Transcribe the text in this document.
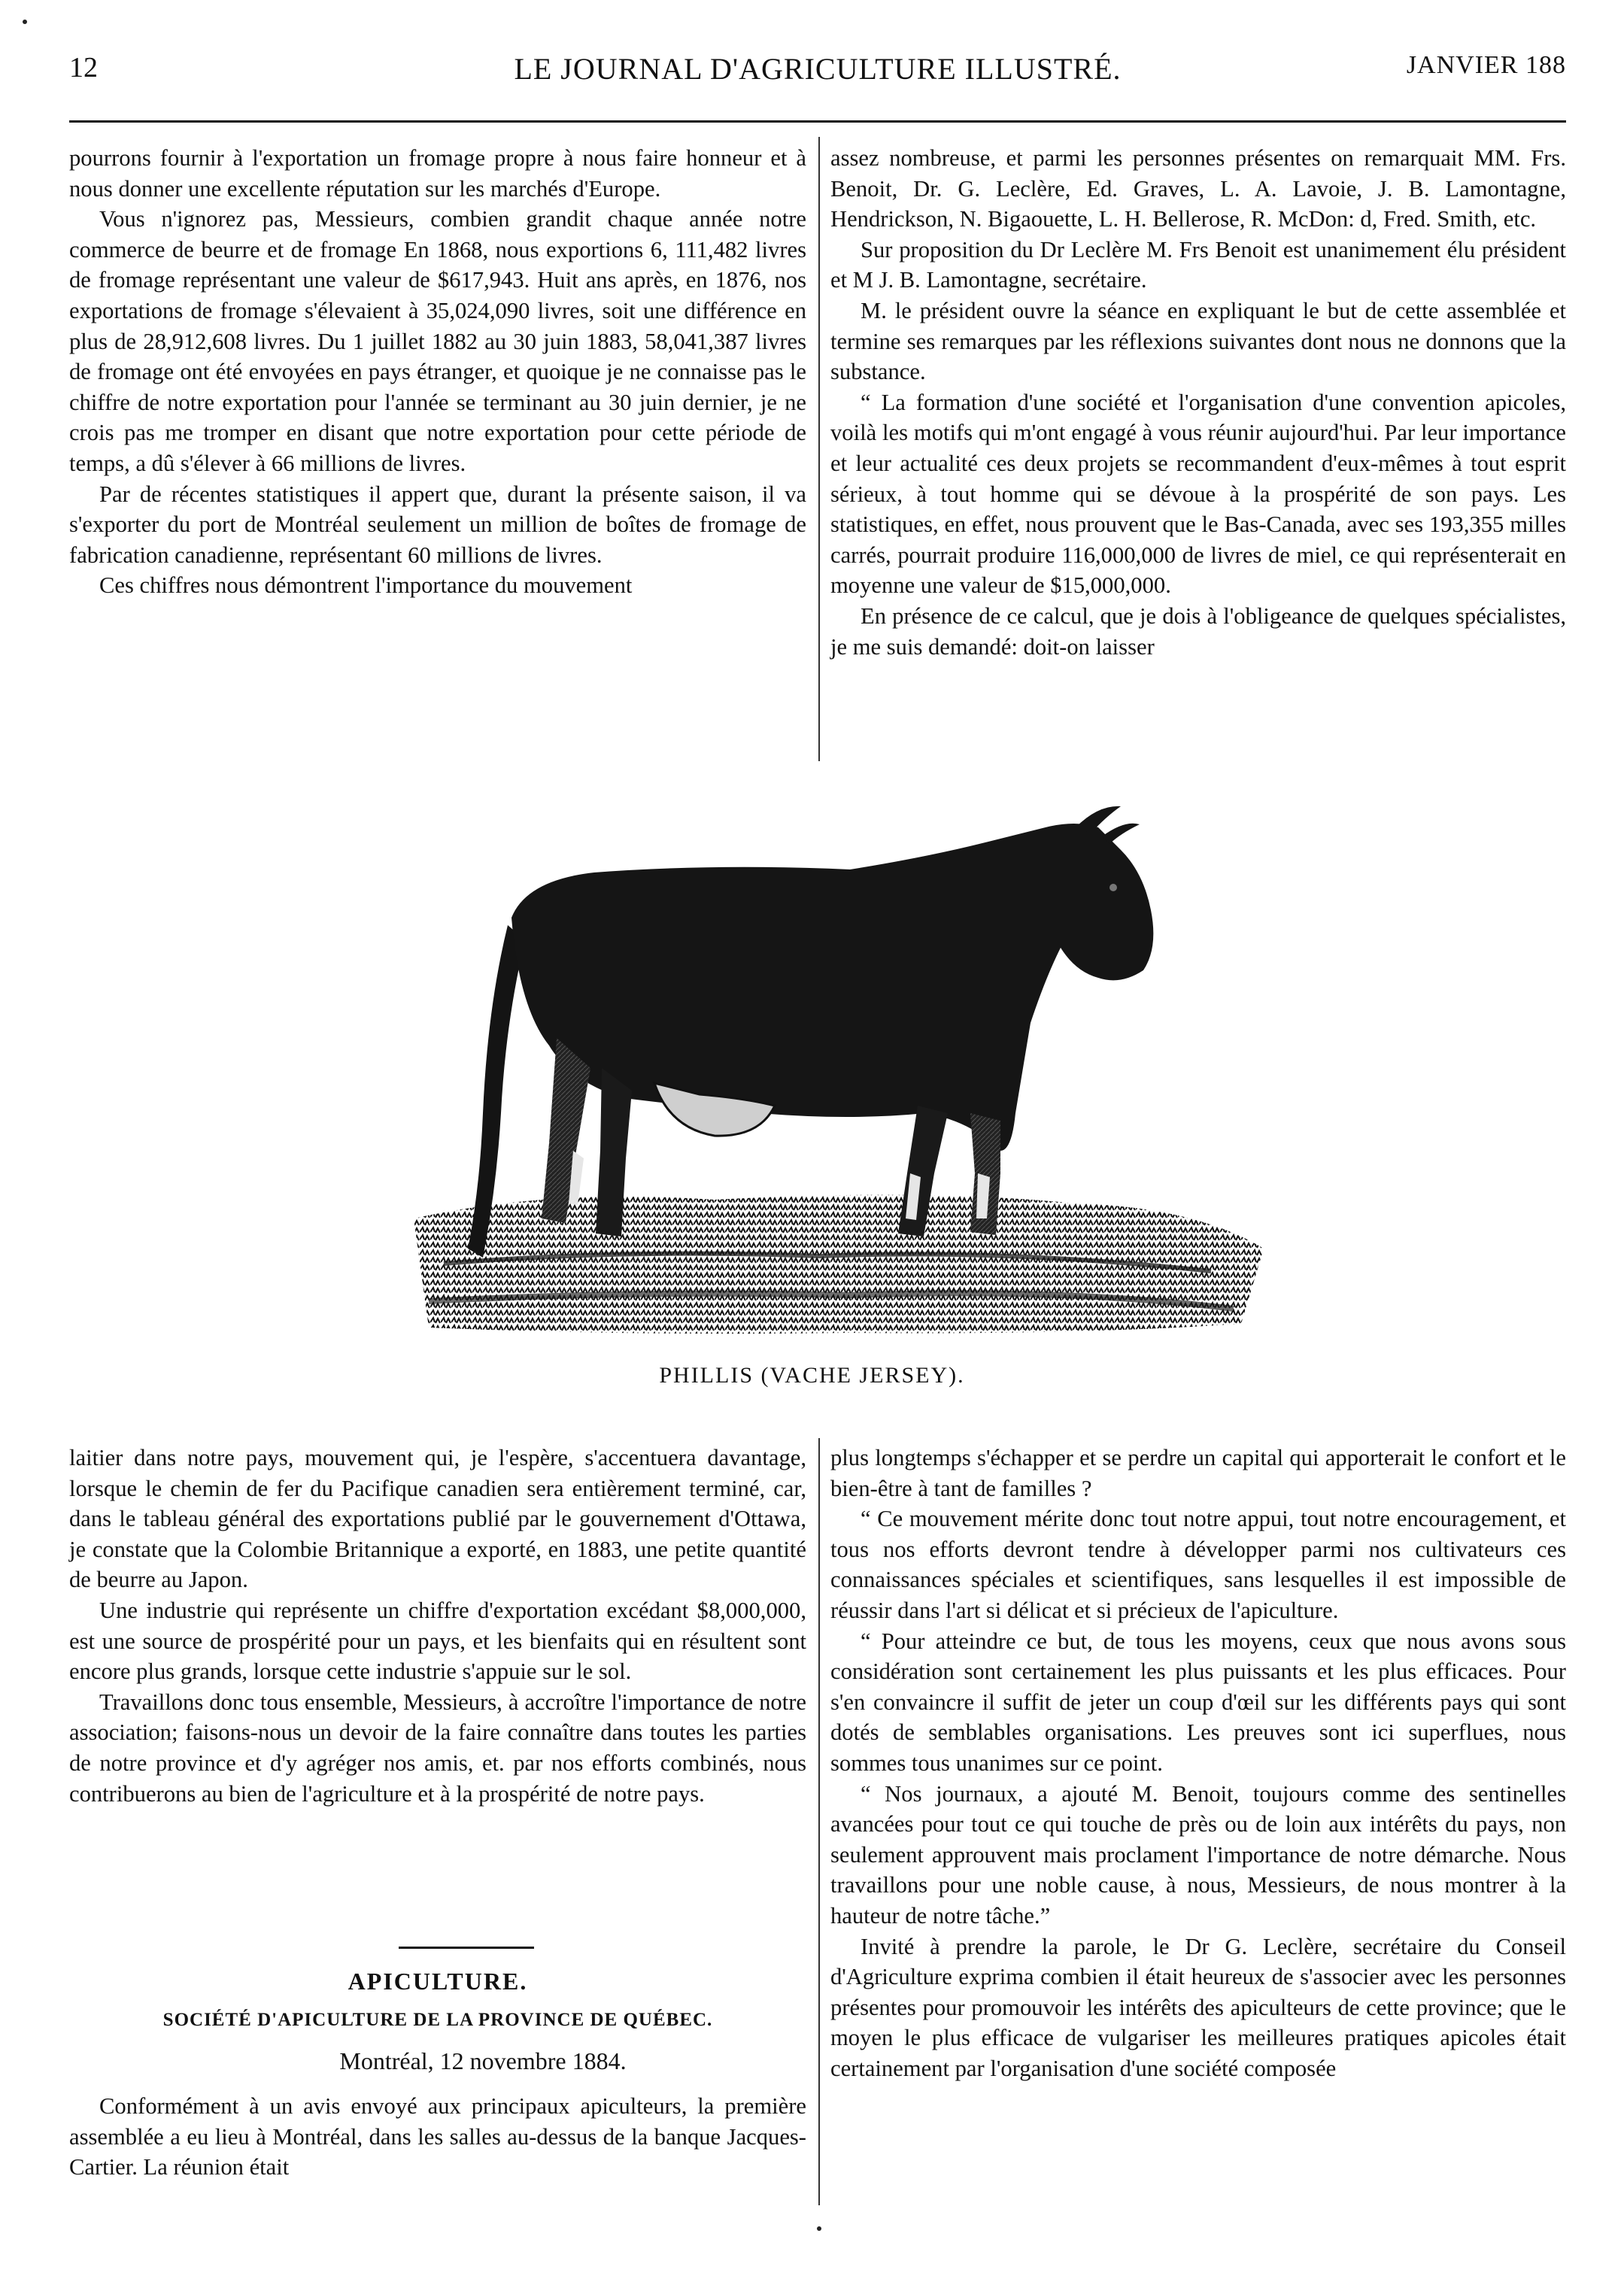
12	LE JOURNAL D'AGRICULTURE ILLUSTRÉ.	JANVIER 188

pourrons fournir à l'exportation un fromage propre à nous faire honneur et à nous donner une excellente réputation sur les marchés d'Europe.

Vous n'ignorez pas, Messieurs, combien grandit chaque année notre commerce de beurre et de fromage En 1868, nous exportions 6, 111,482 livres de fromage représentant une valeur de $617,943. Huit ans après, en 1876, nos exportations de fromage s'élevaient à 35,024,090 livres, soit une différence en plus de 28,912,608 livres. Du 1 juillet 1882 au 30 juin 1883, 58,041,387 livres de fromage ont été envoyées en pays étranger, et quoique je ne connaisse pas le chiffre de notre exportation pour l'année se terminant au 30 juin dernier, je ne crois pas me tromper en disant que notre exportation pour cette période de temps, a dû s'élever à 66 millions de livres.

Par de récentes statistiques il appert que, durant la présente saison, il va s'exporter du port de Montréal seulement un million de boîtes de fromage de fabrication canadienne, représentant 60 millions de livres.

Ces chiffres nous démontrent l'importance du mouvement

assez nombreuse, et parmi les personnes présentes on remarquait MM. Frs. Benoit, Dr. G. Leclère, Ed. Graves, L. A. Lavoie, J. B. Lamontagne, Hendrickson, N. Bigaouette, L. H. Bellerose, R. McDon: d, Fred. Smith, etc.

Sur proposition du Dr Leclère M. Frs Benoit est unanimement élu président et M J. B. Lamontagne, secrétaire.

M. le président ouvre la séance en expliquant le but de cette assemblée et termine ses remarques par les réflexions suivantes dont nous ne donnons que la substance.

“ La formation d'une société et l'organisation d'une convention apicoles, voilà les motifs qui m'ont engagé à vous réunir aujourd'hui. Par leur importance et leur actualité ces deux projets se recommandent d'eux-mêmes à tout esprit sérieux, à tout homme qui se dévoue à la prospérité de son pays. Les statistiques, en effet, nous prouvent que le Bas-Canada, avec ses 193,355 milles carrés, pourrait produire 116,000,000 de livres de miel, ce qui représenterait en moyenne une valeur de $15,000,000.

En présence de ce calcul, que je dois à l'obligeance de quelques spécialistes, je me suis demandé: doit-on laisser

PHILLIS (VACHE JERSEY).

laitier dans notre pays, mouvement qui, je l'espère, s'accentuera davantage, lorsque le chemin de fer du Pacifique canadien sera entièrement terminé, car, dans le tableau général des exportations publié par le gouvernement d'Ottawa, je constate que la Colombie Britannique a exporté, en 1883, une petite quantité de beurre au Japon.

Une industrie qui représente un chiffre d'exportation excédant $8,000,000, est une source de prospérité pour un pays, et les bienfaits qui en résultent sont encore plus grands, lorsque cette industrie s'appuie sur le sol.

Travaillons donc tous ensemble, Messieurs, à accroître l'importance de notre association; faisons-nous un devoir de la faire connaître dans toutes les parties de notre province et d'y agréger nos amis, et. par nos efforts combinés, nous contribuerons au bien de l'agriculture et à la prospérité de notre pays.

plus longtemps s'échapper et se perdre un capital qui apporterait le confort et le bien-être à tant de familles ?

“ Ce mouvement mérite donc tout notre appui, tout notre encouragement, et tous nos efforts devront tendre à développer parmi nos cultivateurs ces connaissances spéciales et scientifiques, sans lesquelles il est impossible de réussir dans l'art si délicat et si précieux de l'apiculture.

“ Pour atteindre ce but, de tous les moyens, ceux que nous avons sous considération sont certainement les plus puissants et les plus efficaces. Pour s'en convaincre il suffit de jeter un coup d'œil sur les différents pays qui sont dotés de semblables organisations. Les preuves sont ici superflues, nous sommes tous unanimes sur ce point.

“ Nos journaux, a ajouté M. Benoit, toujours comme des sentinelles avancées pour tout ce qui touche de près ou de loin aux intérêts du pays, non seulement approuvent mais proclament l'importance de notre démarche. Nous travaillons pour une noble cause, à nous, Messieurs, de nous montrer à la hauteur de notre tâche.”

Invité à prendre la parole, le Dr G. Leclère, secrétaire du Conseil d'Agriculture exprima combien il était heureux de s'associer avec les personnes présentes pour promouvoir les intérêts des apiculteurs de cette province; que le moyen le plus efficace de vulgariser les meilleures pratiques apicoles était certainement par l'organisation d'une société composée

APICULTURE.
SOCIÉTÉ D'APICULTURE DE LA PROVINCE DE QUÉBEC.
Montréal, 12 novembre 1884.

Conformément à un avis envoyé aux principaux apiculteurs, la première assemblée a eu lieu à Montréal, dans les salles au-dessus de la banque Jacques-Cartier. La réunion était
